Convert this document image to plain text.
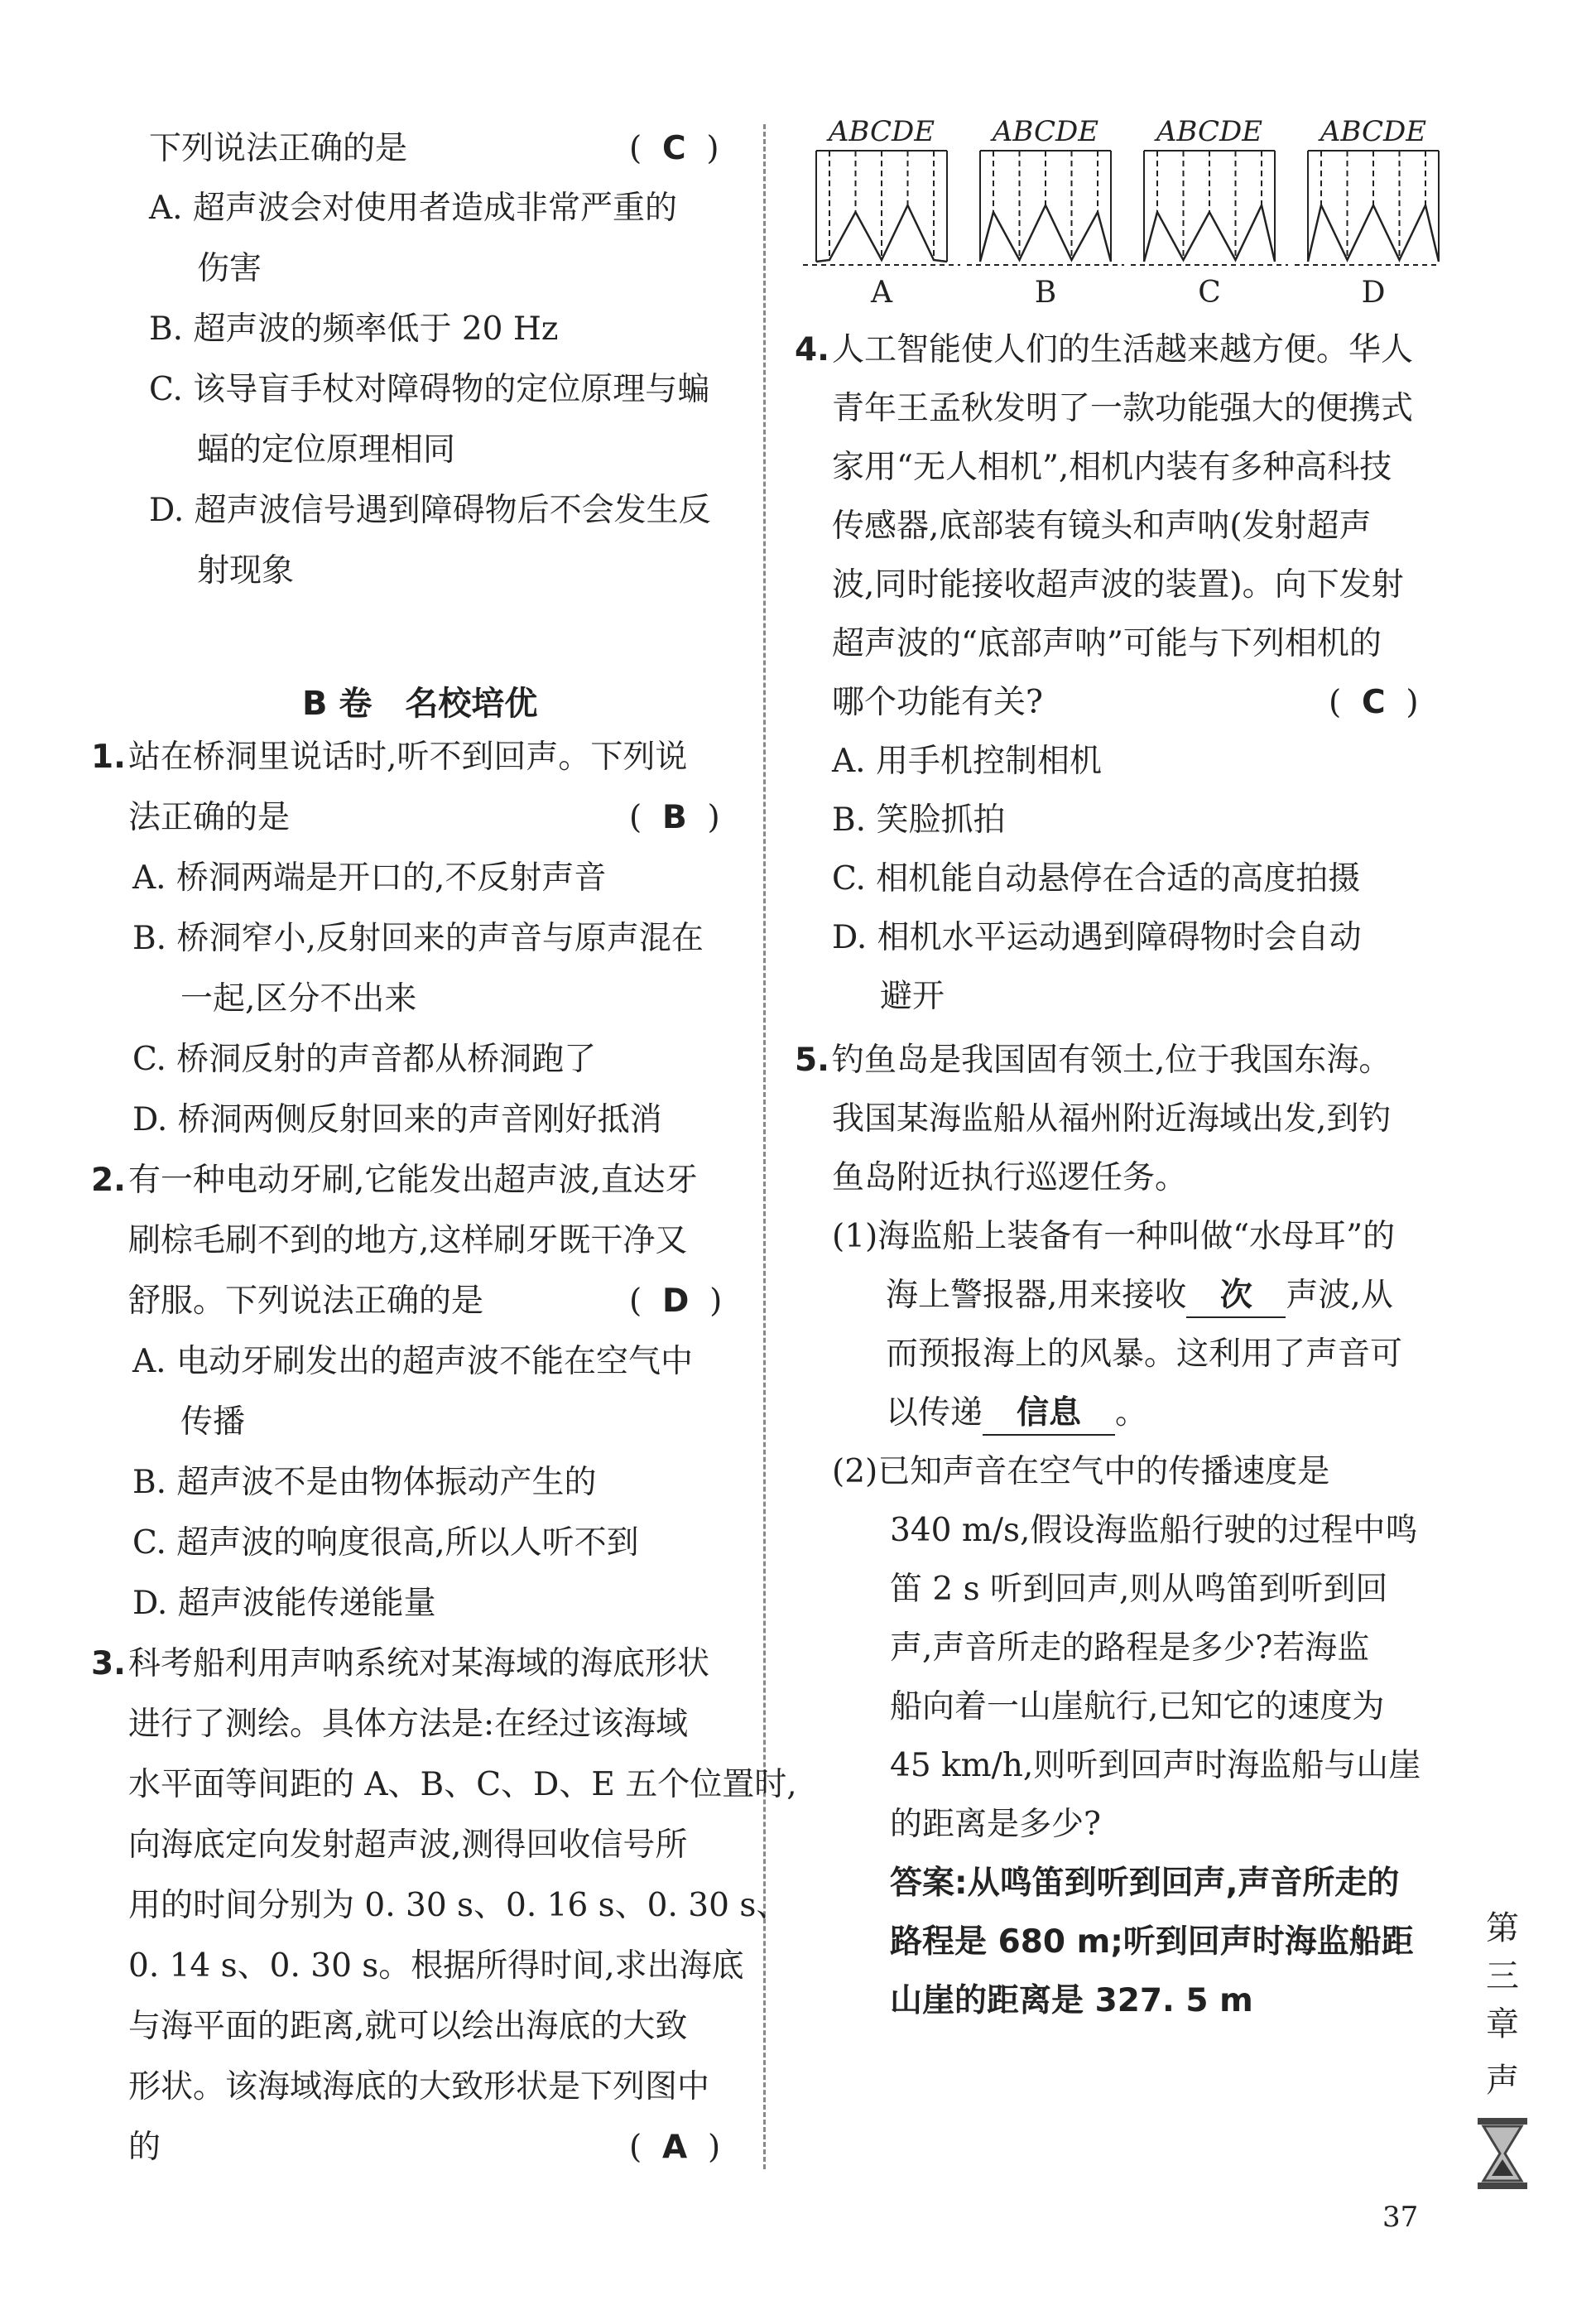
下列说法正确的是	(  C  )
A. 超声波会对使用者造成非常严重的
伤害
B. 超声波的频率低于 20 Hz
C. 该导盲手杖对障碍物的定位原理与蝙
蝠的定位原理相同
D. 超声波信号遇到障碍物后不会发生反
射现象
B 卷　名校培优
1. 站在桥洞里说话时,听不到回声。下列说
法正确的是	(  B  )
A. 桥洞两端是开口的,不反射声音
B. 桥洞窄小,反射回来的声音与原声混在
一起,区分不出来
C. 桥洞反射的声音都从桥洞跑了
D. 桥洞两侧反射回来的声音刚好抵消
2. 有一种电动牙刷,它能发出超声波,直达牙
刷棕毛刷不到的地方,这样刷牙既干净又
舒服。下列说法正确的是	(  D  )
A. 电动牙刷发出的超声波不能在空气中
传播
B. 超声波不是由物体振动产生的
C. 超声波的响度很高,所以人听不到
D. 超声波能传递能量
3. 科考船利用声呐系统对某海域的海底形状
进行了测绘。具体方法是:在经过该海域
水平面等间距的 A、B、C、D、E 五个位置时,
向海底定向发射超声波,测得回收信号所
用的时间分别为 0. 30 s、0. 16 s、0. 30 s、
0. 14 s、0. 30 s。根据所得时间,求出海底
与海平面的距离,就可以绘出海底的大致
形状。该海域海底的大致形状是下列图中
的	(  A  )
ABCDE
A
ABCDE
B
ABCDE
C
ABCDE
D
4. 人工智能使人们的生活越来越方便。华人
青年王孟秋发明了一款功能强大的便携式
家用“无人相机”,相机内装有多种高科技
传感器,底部装有镜头和声呐(发射超声
波,同时能接收超声波的装置)。向下发射
超声波的“底部声呐”可能与下列相机的
哪个功能有关?	(  C  )
A. 用手机控制相机
B. 笑脸抓拍
C. 相机能自动悬停在合适的高度拍摄
D. 相机水平运动遇到障碍物时会自动
避开
5. 钓鱼岛是我国固有领土,位于我国东海。
我国某海监船从福州附近海域出发,到钓
鱼岛附近执行巡逻任务。
(1)海监船上装备有一种叫做“水母耳”的
海上警报器,用来接收 次 声波,从
而预报海上的风暴。这利用了声音可
以传递 信息 。
(2)已知声音在空气中的传播速度是
340 m/s,假设海监船行驶的过程中鸣
笛 2 s 听到回声,则从鸣笛到听到回
声,声音所走的路程是多少?若海监
船向着一山崖航行,已知它的速度为
45 km/h,则听到回声时海监船与山崖
的距离是多少?
答案:从鸣笛到听到回声,声音所走的
路程是 680 m;听到回声时海监船距
山崖的距离是 327. 5 m
第
三
章
声
37
